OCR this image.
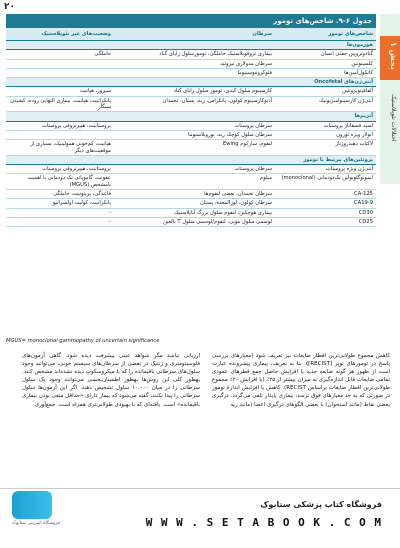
۲۰
بخش ۱
اختلالات نئوپلاستیک
جدول ۶-۹. شاخص‌های تومور
شاخص‌های تومور	سرطان	وضعیت‌های غیر نئوپلاستیک
هورمون‌ها		
گنادوتروپین جفتی انسان	بیماری تروفوبلاستیک حاملگی، تومورسلول زایای گناد	حاملگی
کلسیتونین	سرطان مدولاری تیروئید	
کاتکول‌آمین‌ها	فئوکروموسیتوما	
آنتی‌ژن‌های Oncofetal		
آلفافیتوپروتئین	کارسینوم سلول کبدی، تومور سلول زایای گناد	سیروز، هپاتیت
آنتی‌ژن کارسینوامبریونیک	آدنوکارسینوم کولون، پانکراس، ریه، پستان، تخمدان	پانکراتیت، هپاتیت، بیماری التهابی روده، کشیدن سیگار
آنزیم‌ها		
اسید فسفاتاز پروستات	سرطان پروستات	پروستاتیت، هیپرتروفی پروستات
انولاز ویژه نورون	سرطان سلول کوچک ریه، نوروبلاستوما	
لاکتات دهیدروژناز	لنفوم، سارکوم Ewing	هپاتیت، کم‌خونی همولیتیک، بسیاری از موقعیت‌های دیگر
پروتئین‌های مرتبط با تومور		
آنتی‌ژن ویژه پروستات	سرطان پروستات	پروستاتیت، هیپرتروفی پروستات
ایمونوگلوبولین تک‌دودمانی (monoclonal)	میلوم	عفونت، گاموپاتی تک دودمانی با اهمیت نامشخص (MGUS)
CA-125	سرطان تخمدان، بعضی لنفوم‌ها	قاعدگی، پریتونیت، حاملگی
CA19-9	سرطان کولون، لوزالمعده، پستان	پانکراتیت، کولیت اولسراتیو
CD30	بیماری هوچکین، لنفوم سلول بزرگ آناپلاستیک	–
CD25	لوسمی سلول مویی، لنفوم/لوسمی سلول T بالغین	–
MGUS= monoclonal gammopathy of uncertain significance
کاهش مجموع طولانی‌ترین اقطار ضایعات نیز تعریف شود (معیارهای بررسی پاسخ در تومورهای توپر [RECIST]). بنا به تعریف، پیماری پیشرونده عبارت است از ظهور هر گونه ضایعه جدید یا افزایش حاصل جمع قطرهای عمودی تمامی ضایعات قابل اندازه‌گیری به میزان بیشتر از ۲۵٪ (یا افزایش ۲۰٪ مجموع طولانی‌ترین اقطار ضایعات براساس RECIST). کاهش یا افزایش اندازهٔ تومور در صورتی که به حد معیارهای فوق نرسد، بیماری پایدار تلقی می‌گردد. درگیری بعضی نقاط (مانند استخوان) یا بعضی الگوهای درگیری اعضا (مانند ریه
ارزیابی نباشد مگر شواهد عینی پیشرفت دیده شود. گاهی آزمون‌های فلوسیتومتری و ژنتیک در بعضی از سرطان‌های سیستم خونی، می‌توانند وجود سلول‌های سرطانی باقیمانده را که با میکروسکوپ دیده نشده‌اند مشخص کنند. بهطور کلی این روش‌ها بهطور اطمینان‌بخشی می‌توانند وجود یک سلول سرطانی را در میان ۱۰،۰۰۰ سلول تشخیص دهند. اگر این آزمون‌ها سلول سرطانی را پیدا نکنند، گفته می‌شود که بیمار دارای «حداقل منفی بودن بیماری باقیمانده» است. یافته‌ای که با بهبودی طولانی‌تری همراه است. جمع‌آوری
فروشگاه اینترنتی ستابوک
فروشگاه کتاب پزشکی ستابوک
W W W . S E T A B O O K . C O M
